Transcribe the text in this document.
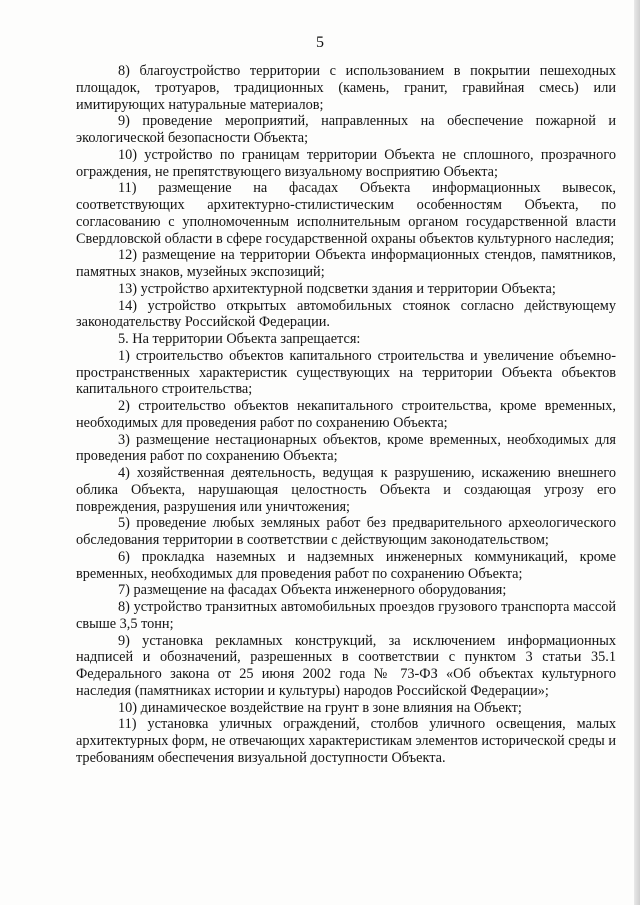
5

8) благоустройство территории с использованием в покрытии пешеходных площадок, тротуаров, традиционных (камень, гранит, гравийная смесь) или имитирующих натуральные материалов;

9) проведение мероприятий, направленных на обеспечение пожарной и экологической безопасности Объекта;

10) устройство по границам территории Объекта не сплошного, прозрачного ограждения, не препятствующего визуальному восприятию Объекта;

11) размещение на фасадах Объекта информационных вывесок, соответствующих архитектурно-стилистическим особенностям Объекта, по согласованию с уполномоченным исполнительным органом государственной власти Свердловской области в сфере государственной охраны объектов культурного наследия;

12) размещение на территории Объекта информационных стендов, памятников, памятных знаков, музейных экспозиций;

13) устройство архитектурной подсветки здания и территории Объекта;

14) устройство открытых автомобильных стоянок согласно действующему законодательству Российской Федерации.

5. На территории Объекта запрещается:

1) строительство объектов капитального строительства и увеличение объемно-пространственных характеристик существующих на территории Объекта объектов капитального строительства;

2) строительство объектов некапитального строительства, кроме временных, необходимых для проведения работ по сохранению Объекта;

3) размещение нестационарных объектов, кроме временных, необходимых для проведения работ по сохранению Объекта;

4) хозяйственная деятельность, ведущая к разрушению, искажению внешнего облика Объекта, нарушающая целостность Объекта и создающая угрозу его повреждения, разрушения или уничтожения;

5) проведение любых земляных работ без предварительного археологического обследования территории в соответствии с действующим законодательством;

6) прокладка наземных и надземных инженерных коммуникаций, кроме временных, необходимых для проведения работ по сохранению Объекта;

7) размещение на фасадах Объекта инженерного оборудования;

8) устройство транзитных автомобильных проездов грузового транспорта массой свыше 3,5 тонн;

9) установка рекламных конструкций, за исключением информационных надписей и обозначений, разрешенных в соответствии с пунктом 3 статьи 35.1 Федерального закона от 25 июня 2002 года № 73-ФЗ «Об объектах культурного наследия (памятниках истории и культуры) народов Российской Федерации»;

10) динамическое воздействие на грунт в зоне влияния на Объект;

11) установка уличных ограждений, столбов уличного освещения, малых архитектурных форм, не отвечающих характеристикам элементов исторической среды и требованиям обеспечения визуальной доступности Объекта.
